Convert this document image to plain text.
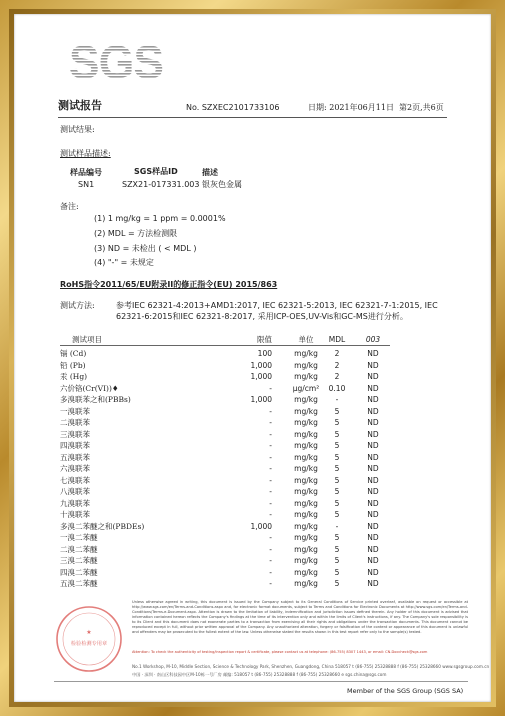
SGS
测试报告	No. SZXEC2101733106	日期: 2021年06月11日 第2页,共6页
测试结果:
测试样品描述:
样品编号	SGS样品ID	描述
SN1	SZX21-017331.003 银灰色金属
备注:
(1) 1 mg/kg = 1 ppm = 0.0001%
(2) MDL = 方法检测限
(3) ND = 未检出 ( < MDL )
(4) "-" = 未规定
RoHS指令2011/65/EU附录II的修正指令(EU) 2015/863
测试方法:	参考IEC 62321-4:2013+AMD1:2017, IEC 62321-5:2013, IEC 62321-7-1:2015, IEC
62321-6:2015和IEC 62321-8:2017, 采用ICP-OES,UV-Vis和GC-MS进行分析。
测试项目	限值	单位	MDL	003
镉 (Cd)	100	mg/kg	2	ND
铅 (Pb)	1,000	mg/kg	2	ND
汞 (Hg)	1,000	mg/kg	2	ND
六价铬(Cr(VI))♦	-	μg/cm²	0.10	ND
多溴联苯之和(PBBs)	1,000	mg/kg	-	ND
一溴联苯	-	mg/kg	5	ND
二溴联苯	-	mg/kg	5	ND
三溴联苯	-	mg/kg	5	ND
四溴联苯	-	mg/kg	5	ND
五溴联苯	-	mg/kg	5	ND
六溴联苯	-	mg/kg	5	ND
七溴联苯	-	mg/kg	5	ND
八溴联苯	-	mg/kg	5	ND
九溴联苯	-	mg/kg	5	ND
十溴联苯	-	mg/kg	5	ND
多溴二苯醚之和(PBDEs)	1,000	mg/kg	-	ND
一溴二苯醚	-	mg/kg	5	ND
二溴二苯醚	-	mg/kg	5	ND
三溴二苯醚	-	mg/kg	5	ND
四溴二苯醚	-	mg/kg	5	ND
五溴二苯醚	-	mg/kg	5	ND
Unless otherwise agreed in writing, this document is issued by the Company subject to its General Conditions of Service printed overleaf, available on request or accessible at http://www.sgs.com/en/Terms-and-Conditions.aspx and, for electronic format documents, subject to Terms and Conditions for Electronic Documents at http://www.sgs.com/en/Terms-and-Conditions/Terms-e-Document.aspx. Attention is drawn to the limitation of liability, indemnification and jurisdiction issues defined therein. Any holder of this document is advised that information contained hereon reflects the Company's findings at the time of its intervention only and within the limits of Client's instructions, if any. The Company's sole responsibility is to its Client and this document does not exonerate parties to a transaction from exercising all their rights and obligations under the transaction documents. This document cannot be reproduced except in full, without prior written approval of the Company. Any unauthorized alteration, forgery or falsification of the content or appearance of this document is unlawful and offenders may be prosecuted to the fullest extent of the law. Unless otherwise stated the results shown in this test report refer only to the sample(s) tested.
Attention: To check the authenticity of testing/inspection report & certificate, please contact us at telephone: (86-755) 8307 1443, or email: CN.Doccheck@sgs.com
★
检验检测专用章
No.1 Workshop, M-10, Middle Section, Science & Technology Park, Shenzhen, Guangdong, China 518057 t (86-755) 25328888 f (86-755) 25328660 www.sgsgroup.com.cn
中国 · 深圳 · 南山区科技园中区M-10栋一号厂房 邮编: 518057 t (86-755) 25328888 f (86-755) 25328660 e sgs.china@sgs.com
Member of the SGS Group (SGS SA)
